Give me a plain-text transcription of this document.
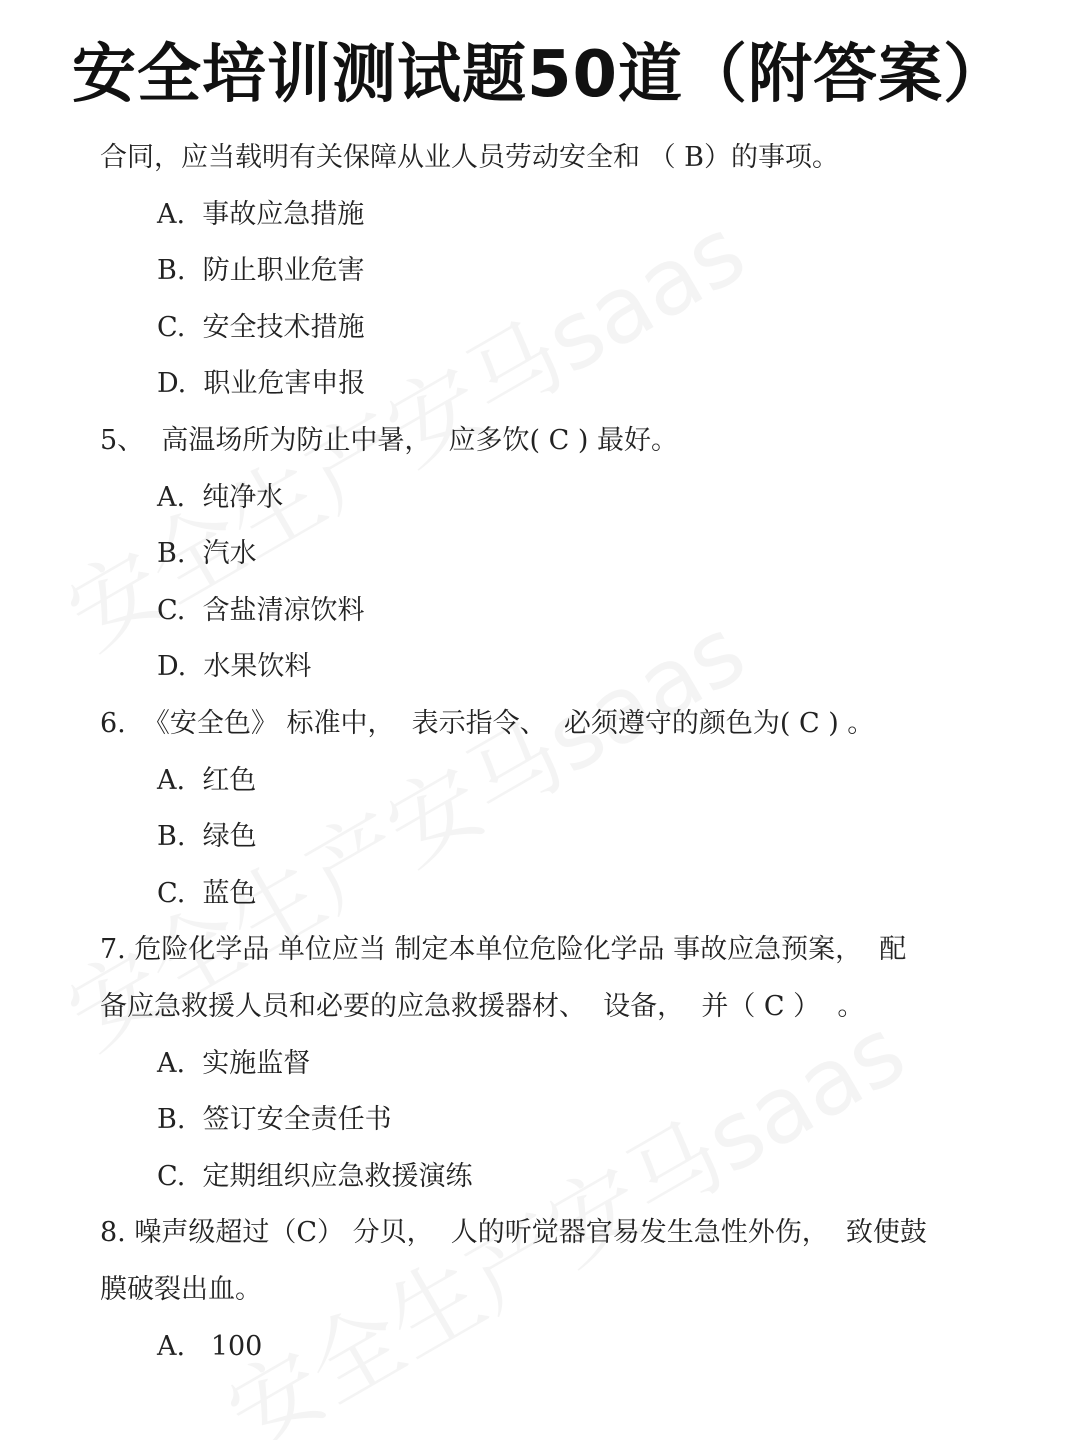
安全培训测试题50道（附答案）
合同，应当载明有关保障从业人员劳动安全和 （ B）的事项。
A.  事故应急措施
B.  防止职业危害
C.  安全技术措施
D.  职业危害申报
5、  高温场所为防止中暑，  应多饮( C ) 最好。
A.  纯净水
B.  汽水
C.  含盐清凉饮料
D.  水果饮料
6.  《安全色》 标准中，  表示指令、  必须遵守的颜色为( C ) 。
A.  红色
B.  绿色
C.  蓝色
7. 危险化学品 单位应当 制定本单位危险化学品 事故应急预案，  配
备应急救援人员和必要的应急救援器材、  设备，  并（ C ）  。
A.  实施监督
B.  签订安全责任书
C.  定期组织应急救援演练
8. 噪声级超过（C） 分贝，  人的听觉器官易发生急性外伤，  致使鼓
膜破裂出血。
A.   100
